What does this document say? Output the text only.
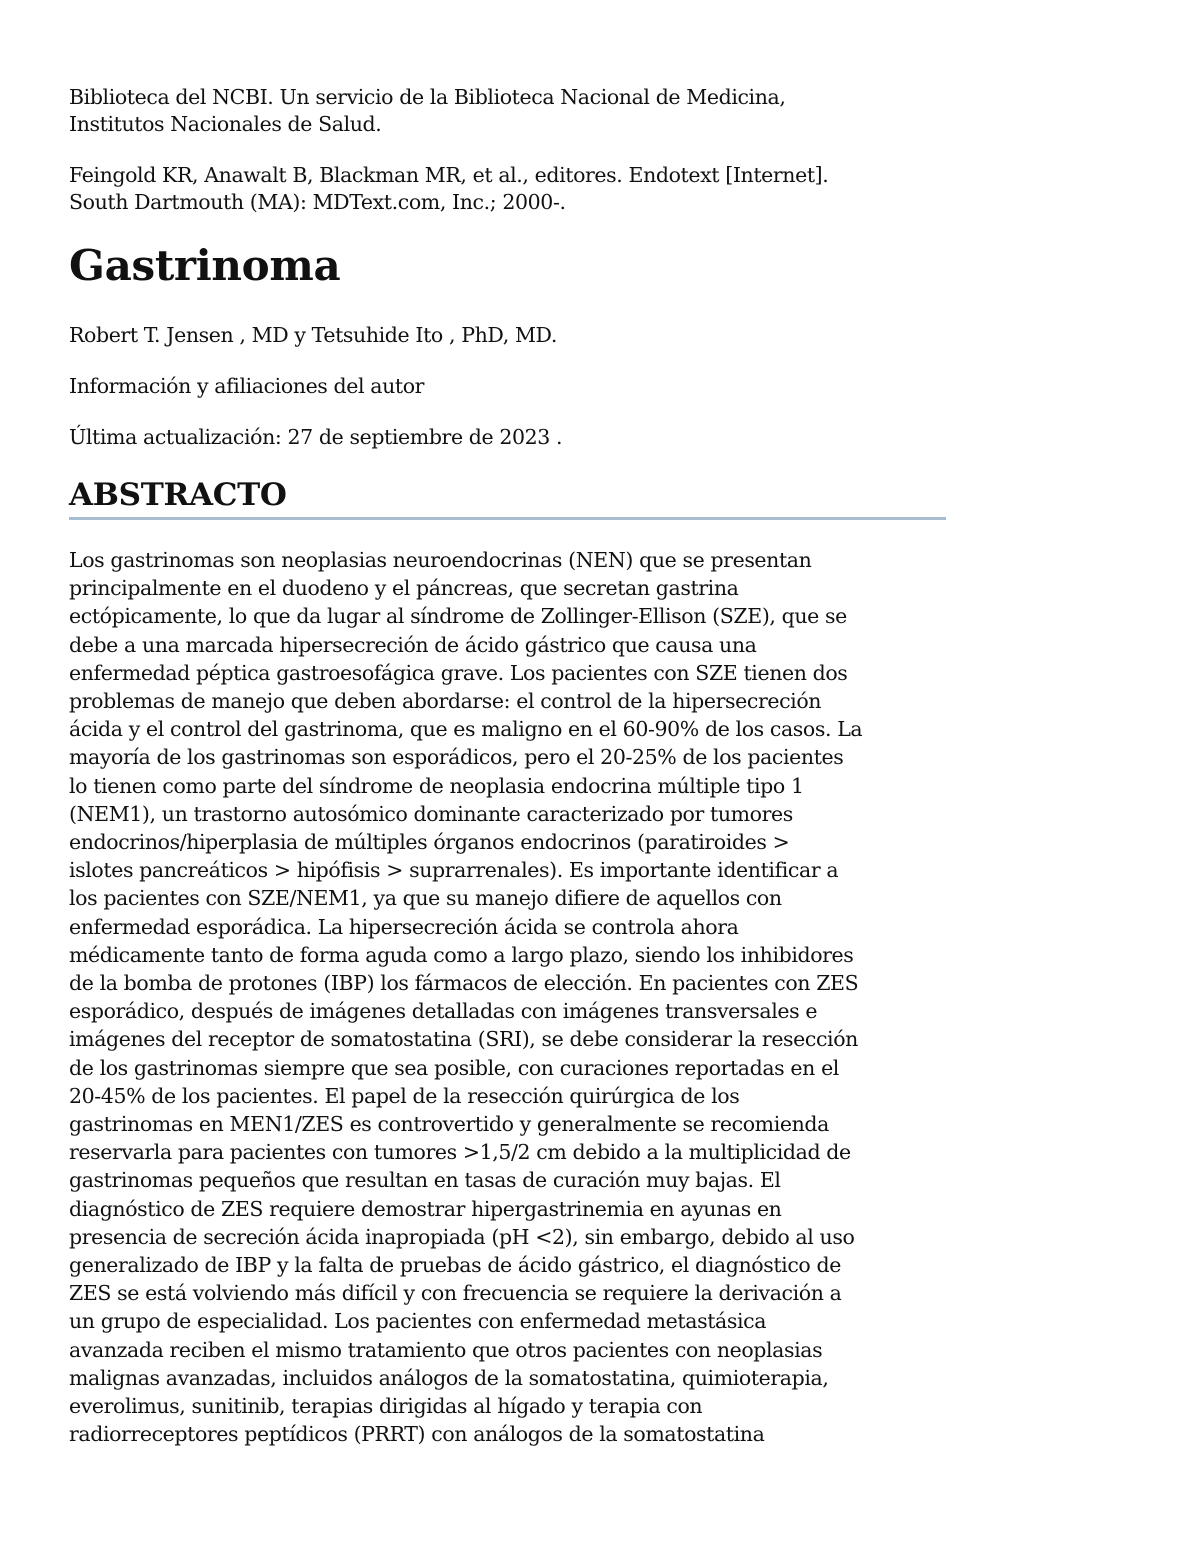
Biblioteca del NCBI. Un servicio de la Biblioteca Nacional de Medicina,

Institutos Nacionales de Salud.

Feingold KR, Anawalt B, Blackman MR, et al., editores. Endotext [Internet].

South Dartmouth (MA): MDText.com, Inc.; 2000-.

Gastrinoma

Robert T. Jensen , MD y Tetsuhide Ito , PhD, MD.

Información y afiliaciones del autor

Última actualización: 27 de septiembre de 2023 .

ABSTRACTO
Los gastrinomas son neoplasias neuroendocrinas (NEN) que se presentan
principalmente en el duodeno y el páncreas, que secretan gastrina
ectópicamente, lo que da lugar al síndrome de Zollinger-Ellison (SZE), que se
debe a una marcada hipersecreción de ácido gástrico que causa una
enfermedad péptica gastroesofágica grave. Los pacientes con SZE tienen dos
problemas de manejo que deben abordarse: el control de la hipersecreción
ácida y el control del gastrinoma, que es maligno en el 60-90% de los casos. La
mayoría de los gastrinomas son esporádicos, pero el 20-25% de los pacientes
lo tienen como parte del síndrome de neoplasia endocrina múltiple tipo 1
(NEM1), un trastorno autosómico dominante caracterizado por tumores
endocrinos/hiperplasia de múltiples órganos endocrinos (paratiroides >
islotes pancreáticos > hipófisis > suprarrenales). Es importante identificar a
los pacientes con SZE/NEM1, ya que su manejo difiere de aquellos con
enfermedad esporádica. La hipersecreción ácida se controla ahora
médicamente tanto de forma aguda como a largo plazo, siendo los inhibidores
de la bomba de protones (IBP) los fármacos de elección. En pacientes con ZES
esporádico, después de imágenes detalladas con imágenes transversales e
imágenes del receptor de somatostatina (SRI), se debe considerar la resección
de los gastrinomas siempre que sea posible, con curaciones reportadas en el
20-45% de los pacientes. El papel de la resección quirúrgica de los
gastrinomas en MEN1/ZES es controvertido y generalmente se recomienda
reservarla para pacientes con tumores >1,5/2 cm debido a la multiplicidad de
gastrinomas pequeños que resultan en tasas de curación muy bajas. El
diagnóstico de ZES requiere demostrar hipergastrinemia en ayunas en
presencia de secreción ácida inapropiada (pH <2), sin embargo, debido al uso
generalizado de IBP y la falta de pruebas de ácido gástrico, el diagnóstico de
ZES se está volviendo más difícil y con frecuencia se requiere la derivación a
un grupo de especialidad. Los pacientes con enfermedad metastásica
avanzada reciben el mismo tratamiento que otros pacientes con neoplasias
malignas avanzadas, incluidos análogos de la somatostatina, quimioterapia,
everolimus, sunitinib, terapias dirigidas al hígado y terapia con
radiorreceptores peptídicos (PRRT) con análogos de la somatostatina
